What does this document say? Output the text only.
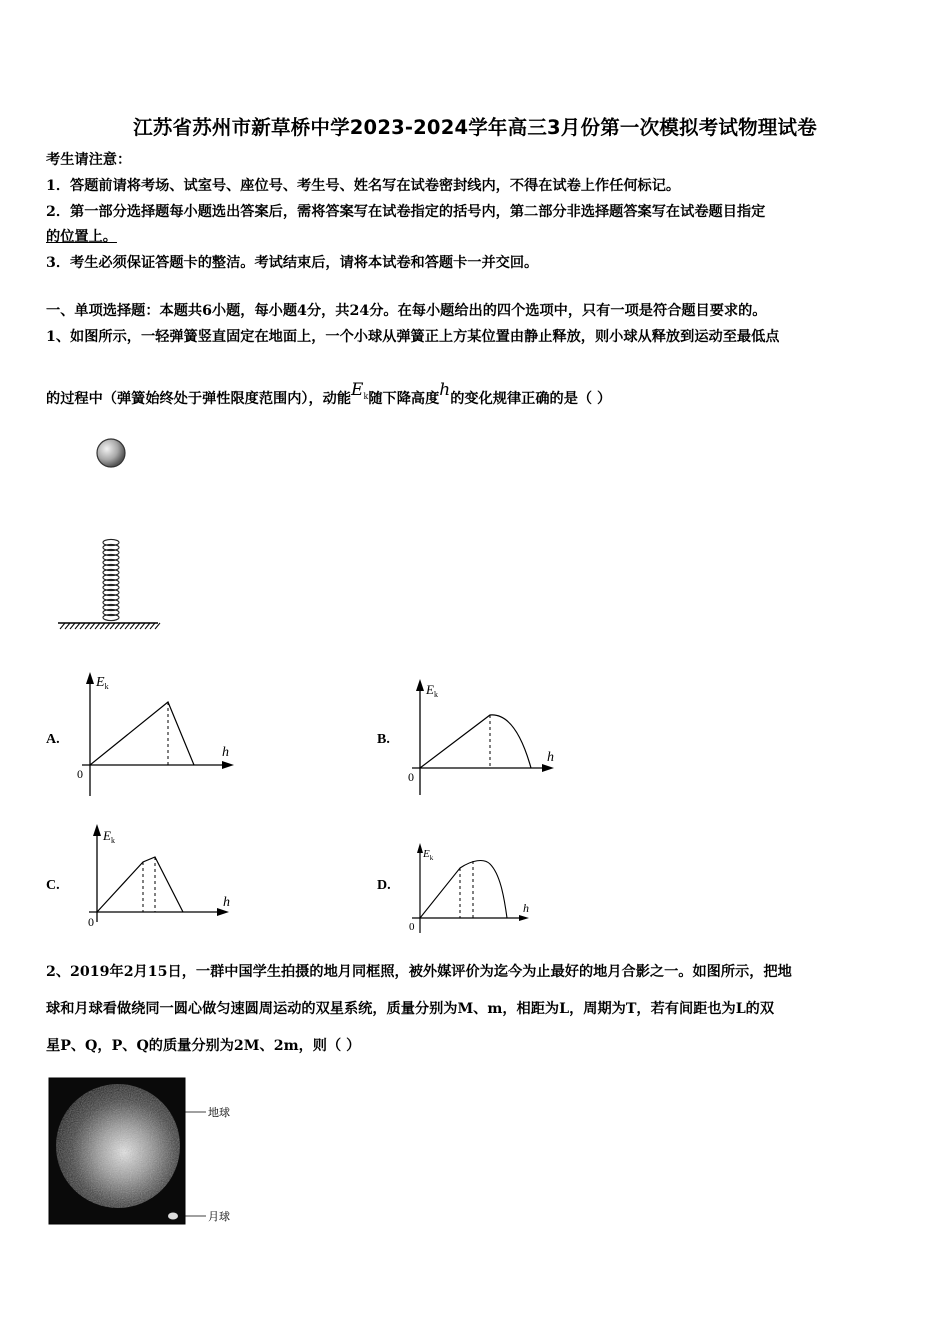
江苏省苏州市新草桥中学2023-2024学年高三3月份第一次模拟考试物理试卷
考生请注意：
1．答题前请将考场、试室号、座位号、考生号、姓名写在试卷密封线内，不得在试卷上作任何标记。
2．第一部分选择题每小题选出答案后，需将答案写在试卷指定的括号内，第二部分非选择题答案写在试卷题目指定
的位置上。
3．考生必须保证答题卡的整洁。考试结束后，请将本试卷和答题卡一并交回。
一、单项选择题：本题共6小题，每小题4分，共24分。在每小题给出的四个选项中，只有一项是符合题目要求的。
1、如图所示，一轻弹簧竖直固定在地面上，一个小球从弹簧正上方某位置由静止释放，则小球从释放到运动至最低点
的过程中（弹簧始终处于弹性限度范围内），动能$E^k$随下降高度h的变化规律正确的是（ ）
A.
$E_k$
h
0
B.
$E_k$
h
0
C.
$E_k$
h
0
D.
$E_k$
h
0
2、2019年2月15日，一群中国学生拍摄的地月同框照，被外媒评价为迄今为止最好的地月合影之一。如图所示，把地
球和月球看做绕同一圆心做匀速圆周运动的双星系统，质量分别为M、m，相距为L，周期为T，若有间距也为L的双
星P、Q，P、Q的质量分别为2M、2m，则（ ）
地球
月球
